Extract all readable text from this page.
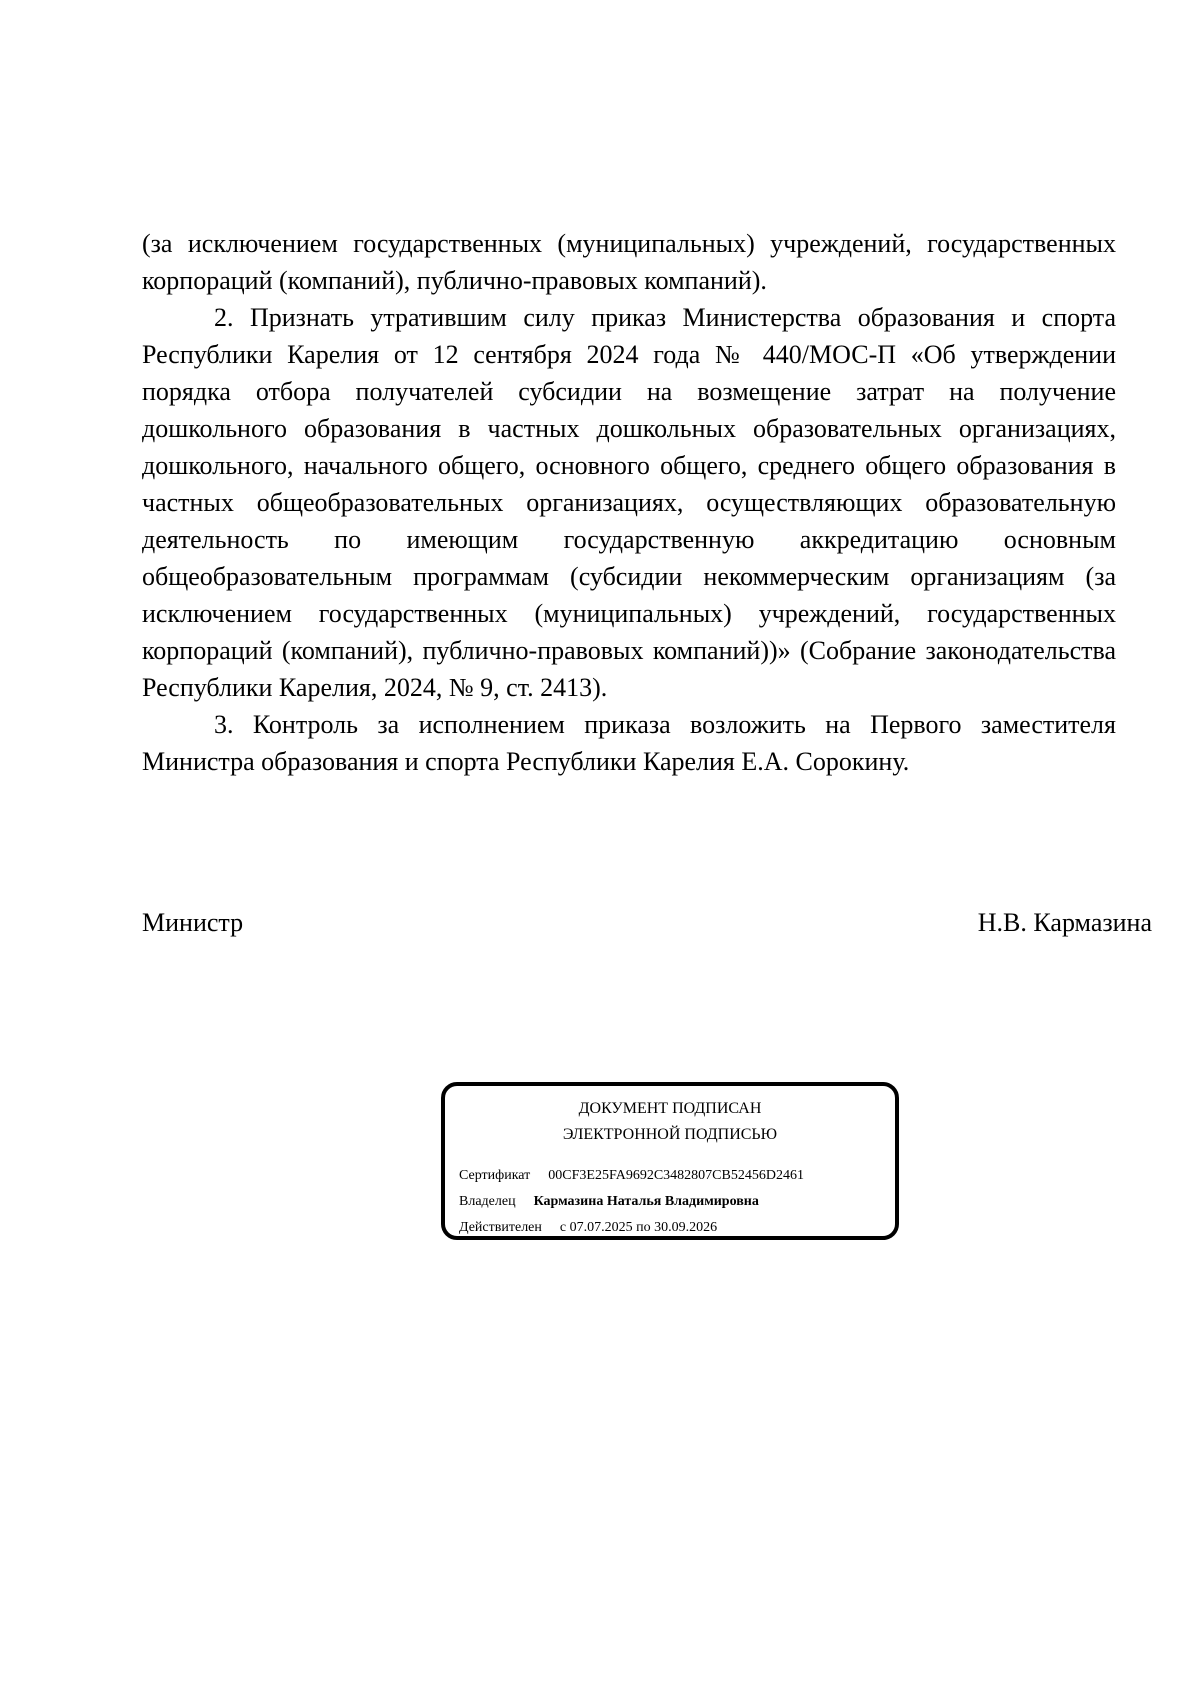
(за исключением государственных (муниципальных) учреждений, государственных корпораций (компаний), публично-правовых компаний).

2. Признать утратившим силу приказ Министерства образования и спорта Республики Карелия от 12 сентября 2024 года № 440/МОС-П «Об утверждении порядка отбора получателей субсидии на возмещение затрат на получение дошкольного образования в частных дошкольных образовательных организациях, дошкольного, начального общего, основного общего, среднего общего образования в частных общеобразовательных организациях, осуществляющих образовательную деятельность по имеющим государственную аккредитацию основным общеобразовательным программам (субсидии некоммерческим организациям (за исключением государственных (муниципальных) учреждений, государственных корпораций (компаний), публично-правовых компаний))» (Собрание законодательства Республики Карелия, 2024, № 9, ст. 2413).

3. Контроль за исполнением приказа возложить на Первого заместителя Министра образования и спорта Республики Карелия Е.А. Сорокину.

Министр	Н.В. Кармазина
ДОКУМЕНТ ПОДПИСАН
ЭЛЕКТРОННОЙ ПОДПИСЬЮ
Сертификат 00CF3E25FA9692C3482807CB52456D2461
Владелец Кармазина Наталья Владимировна
Действителен с 07.07.2025 по 30.09.2026
